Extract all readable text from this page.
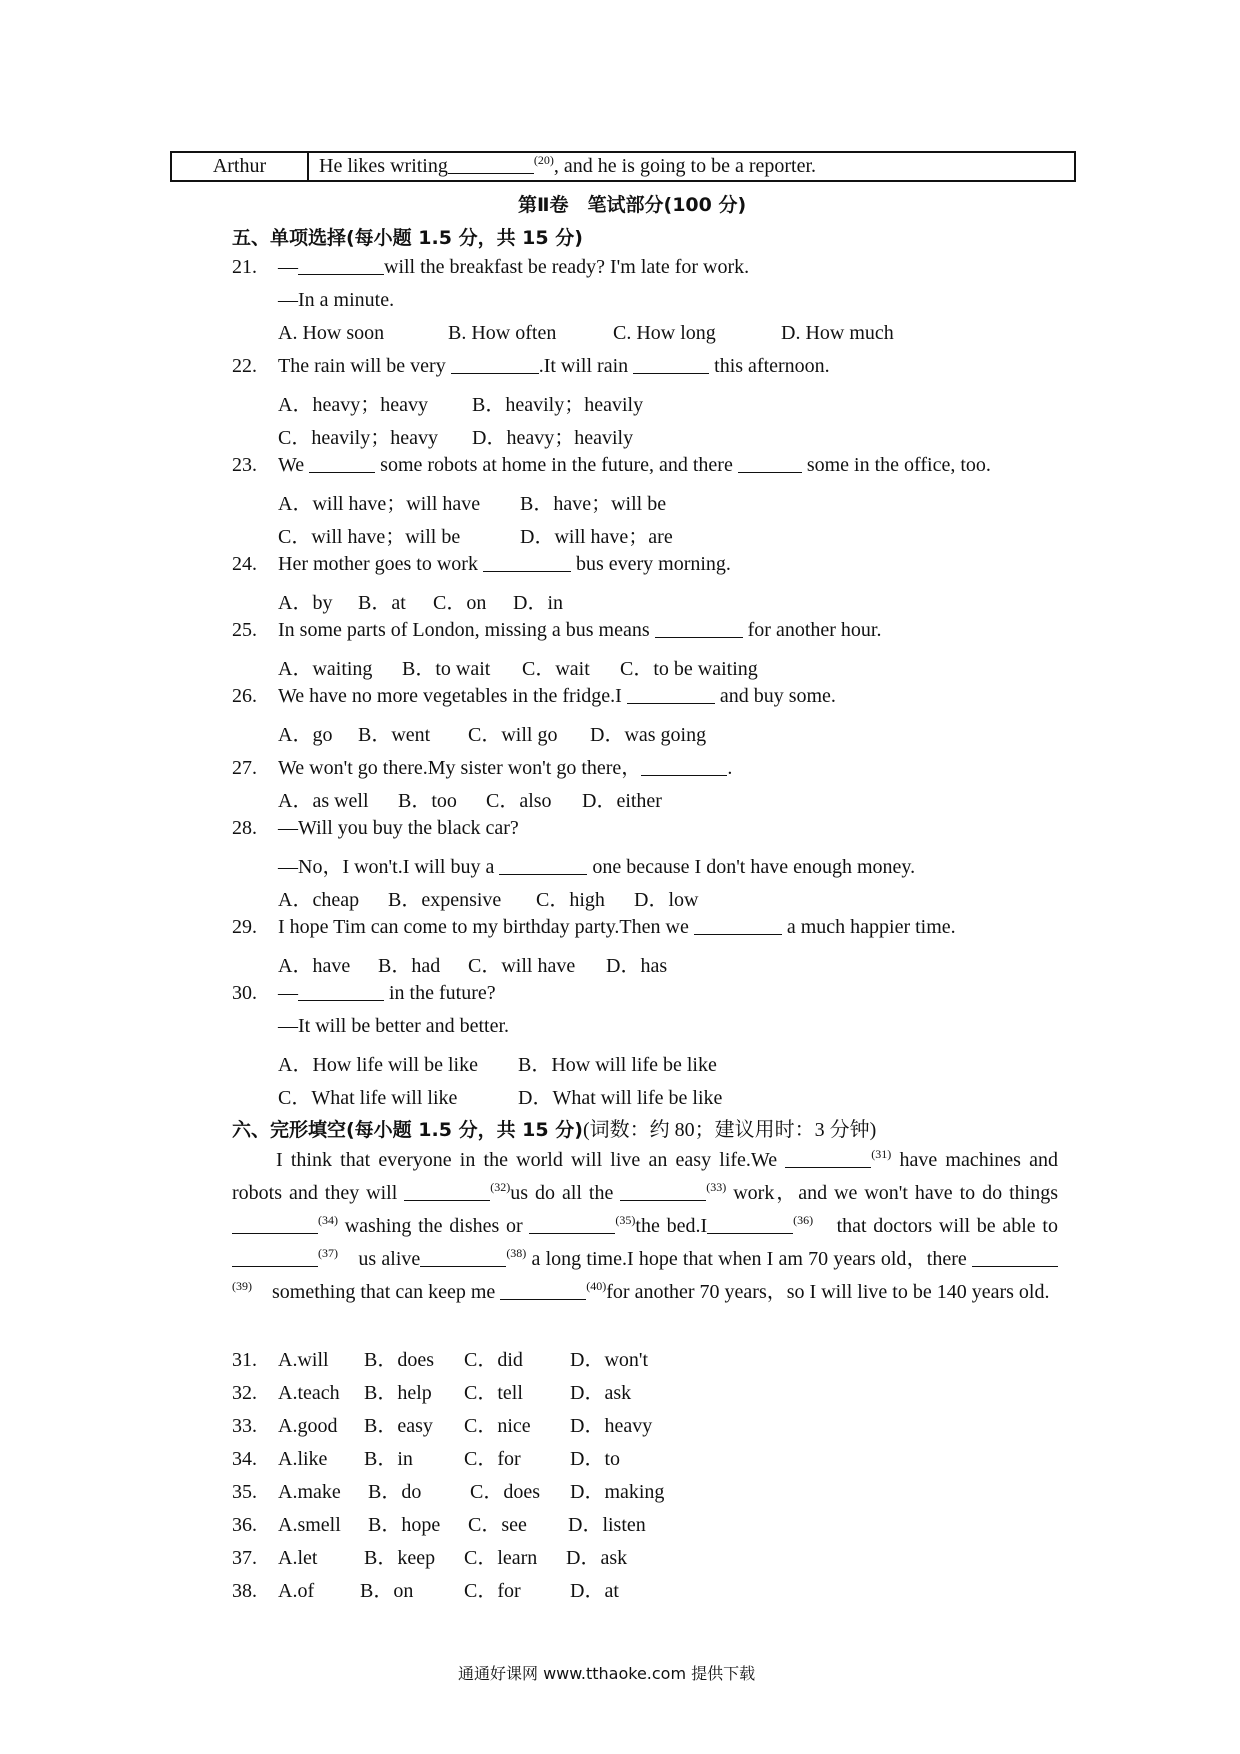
Arthur	He likes writing	$^{(20)}$, and he is going to be a reporter.
第Ⅱ卷　笔试部分(100 分)
五、单项选择(每小题 1.5 分，共 15 分)
21. —	will the breakfast be ready? I'm late for work.
—In a minute.
A. How soon	B. How often	C. How long	D. How much
22. The rain will be very	.It will rain	this afternoon.
A．heavy；heavy B．heavily；heavily
C．heavily；heavy D．heavy；heavily
23. We	some robots at home in the future, and there	some in the office, too.
A．will have；will have B．have；will be
C．will have；will be	D．will have；are
24. Her mother goes to work	bus every morning.
A．by B．at C．on D．in
25. In some parts of London, missing a bus means	for another hour.
A．waiting B．to wait C．wait C．to be waiting
26. We have no more vegetables in the fridge.I	and buy some.
A．go B．went C．will go D．was going
27. We won't go there.My sister won't go there，	.
A．as well B．too C．also D．either
28. —Will you buy the black car?
—No，I won't.I will buy a	one because I don't have enough money.
A．cheap B．expensive C．high D．low
29. I hope Tim can come to my birthday party.Then we	a much happier time.
A．have B．had C．will have D．has
30. —	in the future?
—It will be better and better.
A．How life will be like B．How will life be like
C．What life will like	D．What will life be like
六、完形填空(每小题 1.5 分，共 15 分)(词数：约 80；建议用时：3 分钟)
I think that everyone in the world will live an easy life.We	$^{(31)}$ have machines and robots and they will	$^{(32)}$us do all the	$^{(33)}$ work，and we won't have to do things$^{(34)}$ washing the dishes or	$^{(35)}$the bed.I	$^{(36)}$　that doctors will be able to $^{(37)}$　us alive	$^{(38)}$ a long time.I hope that when I am 70 years old，there $^{(39)}$　something that can keep me	$^{(40)}$for another 70 years，so I will live to be 140 years old.
31. A.will B．does C．did D．won't
32. A.teach B．help C．tell D．ask
33. A.good B．easy C．nice D．heavy
34. A.like B．in	C．for D．to
35. A.make B．do C．does D．making
36. A.smell B．hope C．see D．listen
37. A.let B．keep C．learn D．ask
38. A.of B．on	C．for D．at
通通好课网 www.tthaoke.com 提供下载
